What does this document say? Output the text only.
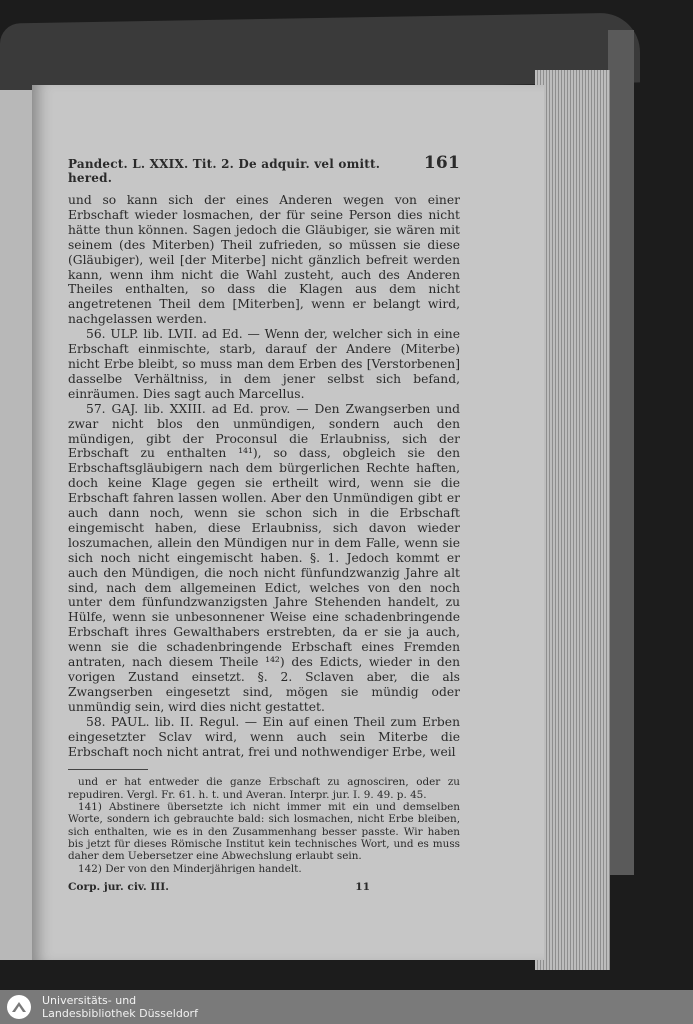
Pandect. L. XXIX. Tit. 2. De adquir. vel omitt. hered.
161

und so kann sich der eines Anderen wegen von einer Erbschaft wieder losmachen, der für seine Person dies nicht hätte thun können. Sagen jedoch die Gläubiger, sie wären mit seinem (des Miterben) Theil zufrieden, so müssen sie diese (Gläubiger), weil [der Miterbe] nicht gänzlich befreit werden kann, wenn ihm nicht die Wahl zusteht, auch des Anderen Theiles enthalten, so dass die Klagen aus dem nicht angetretenen Theil dem [Miterben], wenn er belangt wird, nachgelassen werden.

56. ULP. lib. LVII. ad Ed. — Wenn der, welcher sich in eine Erbschaft einmischte, starb, darauf der Andere (Miterbe) nicht Erbe bleibt, so muss man dem Erben des [Verstorbenen] dasselbe Verhältniss, in dem jener selbst sich befand, einräumen. Dies sagt auch Marcellus.

57. GAJ. lib. XXIII. ad Ed. prov. — Den Zwangserben und zwar nicht blos den unmündigen, sondern auch den mündigen, gibt der Proconsul die Erlaubniss, sich der Erbschaft zu enthalten ¹⁴¹), so dass, obgleich sie den Erbschaftsgläubigern nach dem bürgerlichen Rechte haften, doch keine Klage gegen sie ertheilt wird, wenn sie die Erbschaft fahren lassen wollen. Aber den Unmündigen gibt er auch dann noch, wenn sie schon sich in die Erbschaft eingemischt haben, diese Erlaubniss, sich davon wieder loszumachen, allein den Mündigen nur in dem Falle, wenn sie sich noch nicht eingemischt haben. §. 1. Jedoch kommt er auch den Mündigen, die noch nicht fünfundzwanzig Jahre alt sind, nach dem allgemeinen Edict, welches von den noch unter dem fünfundzwanzigsten Jahre Stehenden handelt, zu Hülfe, wenn sie unbesonnener Weise eine schadenbringende Erbschaft ihres Gewalthabers erstrebten, da er sie ja auch, wenn sie die schadenbringende Erbschaft eines Fremden antraten, nach diesem Theile ¹⁴²) des Edicts, wieder in den vorigen Zustand einsetzt. §. 2. Sclaven aber, die als Zwangserben eingesetzt sind, mögen sie mündig oder unmündig sein, wird dies nicht gestattet.

58. PAUL. lib. II. Regul. — Ein auf einen Theil zum Erben eingesetzter Sclav wird, wenn auch sein Miterbe die Erbschaft noch nicht antrat, frei und nothwendiger Erbe, weil

und er hat entweder die ganze Erbschaft zu agnosciren, oder zu repudiren. Vergl. Fr. 61. h. t. und Averan. Interpr. jur. I. 9. 49. p. 45.

141) Abstinere übersetzte ich nicht immer mit ein und demselben Worte, sondern ich gebrauchte bald: sich losmachen, nicht Erbe bleiben, sich enthalten, wie es in den Zusammenhang besser passte. Wir haben bis jetzt für dieses Römische Institut kein technisches Wort, und es muss daher dem Uebersetzer eine Abwechslung erlaubt sein.

142) Der von den Minderjährigen handelt.

Corp. jur. civ. III.	11
Universitäts- und
Landesbibliothek Düsseldorf
